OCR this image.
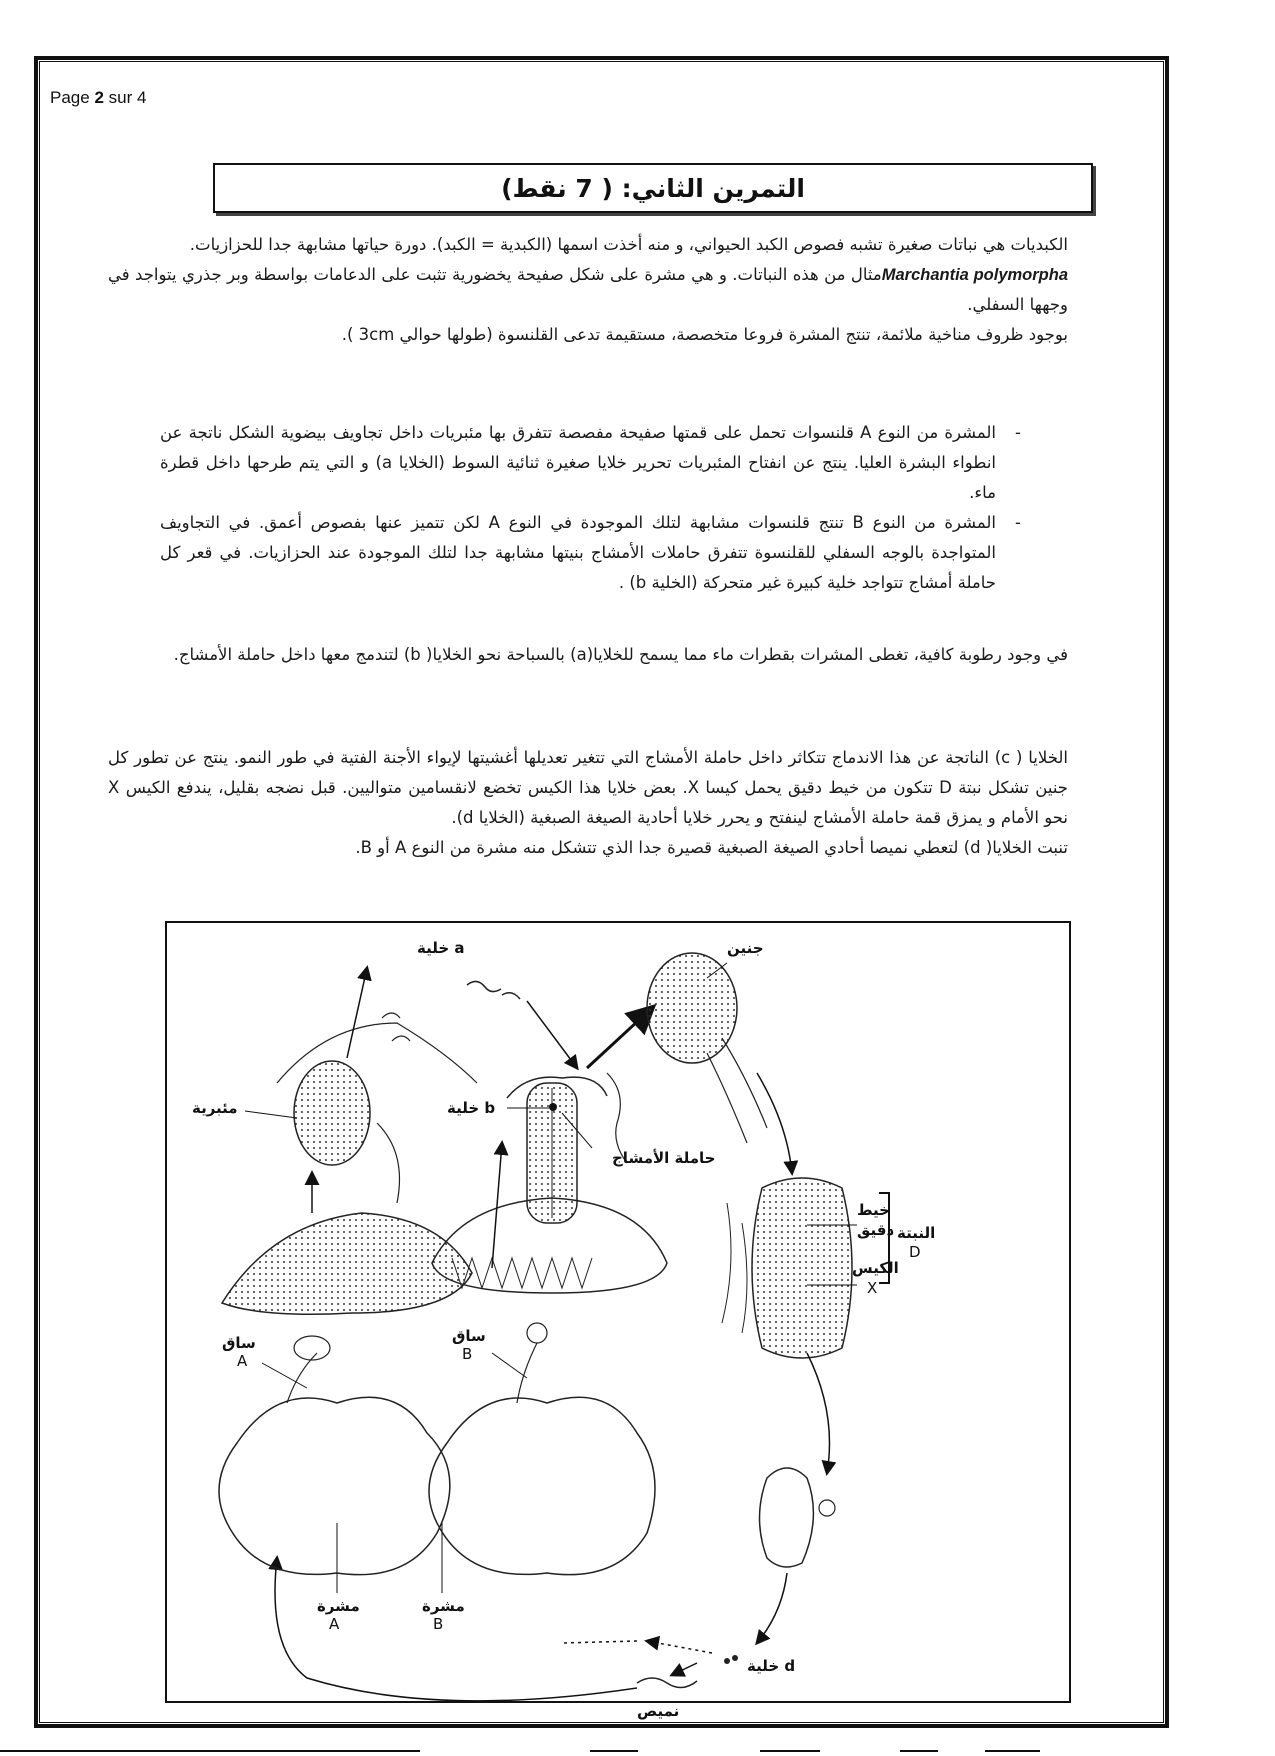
Page 2 sur 4
التمرين الثاني: ( 7 نقط)

الكبديات هي نباتات صغيرة تشبه فصوص الكبد الحيواني، و منه أخذت اسمها (الكبدية = الكبد). دورة حياتها مشابهة جدا للحزازيات.

Marchantia polymorphaمثال من هذه النباتات. و هي مشرة على شكل صفيحة يخضورية تثبت على الدعامات بواسطة وبر جذري يتواجد في وجهها السفلي.

بوجود ظروف مناخية ملائمة، تنتج المشرة فروعا متخصصة، مستقيمة تدعى القلنسوة (طولها حوالي 3cm ).

-
المشرة من النوع A قلنسوات تحمل على قمتها صفيحة مفصصة تتفرق بها مئبريات داخل تجاويف بيضوية الشكل ناتجة عن انطواء البشرة العليا. ينتج عن انفتاح المئبريات تحرير خلايا صغيرة ثنائية السوط (الخلايا a) و التي يتم طرحها داخل قطرة ماء.
-
المشرة من النوع B تنتج قلنسوات مشابهة لتلك الموجودة في النوع A لكن تتميز عنها بفصوص أعمق. في التجاويف المتواجدة بالوجه السفلي للقلنسوة تتفرق حاملات الأمشاج بنيتها مشابهة جدا لتلك الموجودة عند الحزازيات. في قعر كل حاملة أمشاج تتواجد خلية كبيرة غير متحركة (الخلية b) .

في وجود رطوبة كافية، تغطى المشرات بقطرات ماء مما يسمح للخلايا(a) بالسباحة نحو الخلايا( b) لتندمج معها داخل حاملة الأمشاج.

الخلايا ( c) الناتجة عن هذا الاندماج تتكاثر داخل حاملة الأمشاج التي تتغير تعديلها أغشيتها لإيواء الأجنة الفتية في طور النمو. ينتج عن تطور كل جنين تشكل نبتة D تتكون من خيط دقيق يحمل كيسا X. بعض خلايا هذا الكيس تخضع لانقسامين متواليين. قبل نضجه بقليل، يندفع الكيس X نحو الأمام و يمزق قمة حاملة الأمشاج لينفتح و يحرر خلايا أحادية الصيغة الصبغية (الخلايا d).

تنبت الخلايا( d) لتعطي نميصا أحادي الصيغة الصبغية قصيرة جدا الذي تتشكل منه مشرة من النوع A أو B.

خلية a	جنين
خلية b
مئبرية
حاملة الأمشاج
خيط
دقيق النبتة
D
الكيس
X
ساق
A
ساق
B
مشرة
A
مشرة
B
خلية d
نميص
